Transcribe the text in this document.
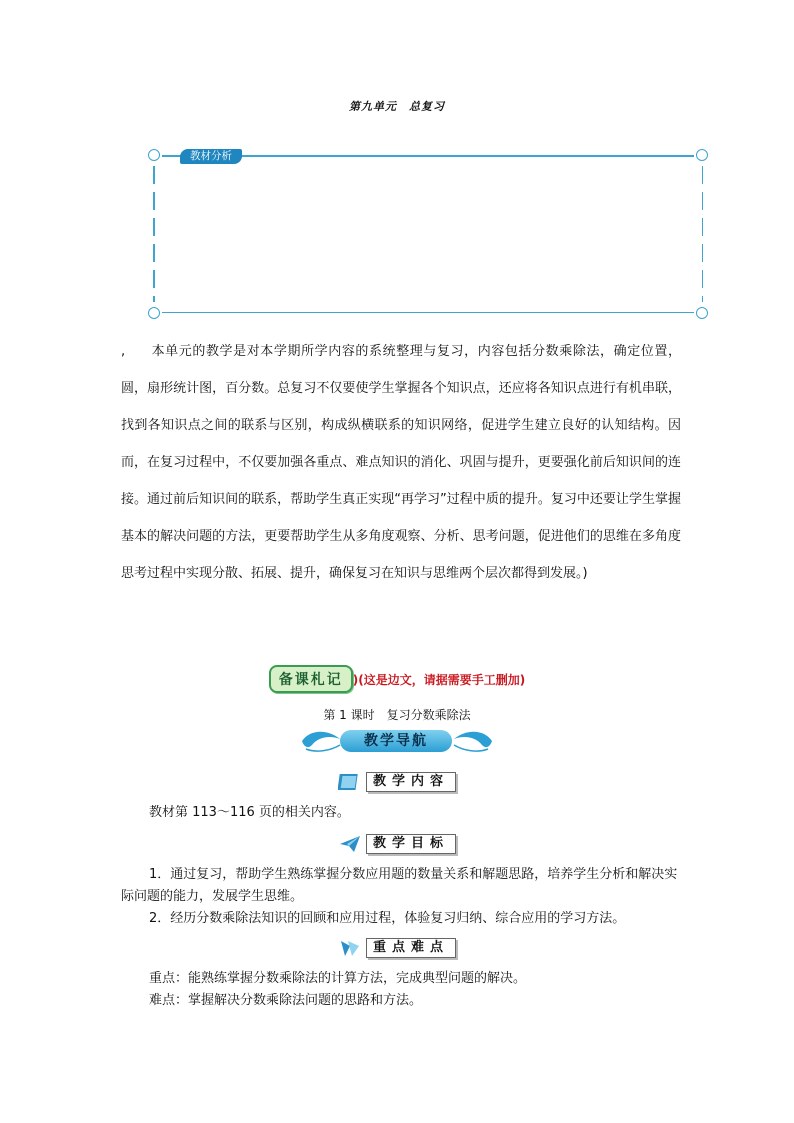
第九单元　总复习
教材分析

, 本单元的教学是对本学期所学内容的系统整理与复习，内容包括分数乘除法，确定位置，圆，扇形统计图，百分数。总复习不仅要使学生掌握各个知识点，还应将各知识点进行有机串联，找到各知识点之间的联系与区别，构成纵横联系的知识网络，促进学生建立良好的认知结构。因而，在复习过程中，不仅要加强各重点、难点知识的消化、巩固与提升，更要强化前后知识间的连接。通过前后知识间的联系，帮助学生真正实现“再学习”过程中质的提升。复习中还要让学生掌握基本的解决问题的方法，更要帮助学生从多角度观察、分析、思考问题，促进他们的思维在多角度思考过程中实现分散、拓展、提升，确保复习在知识与思维两个层次都得到发展。)

备课札记 )(这是边文，请据需要手工删加)
第 1 课时　复习分数乘除法
教学导航
教学内容

教材第 113～116 页的相关内容。

教学目标

1．通过复习，帮助学生熟练掌握分数应用题的数量关系和解题思路，培养学生分析和解决实际问题的能力，发展学生思维。

2．经历分数乘除法知识的回顾和应用过程，体验复习归纳、综合应用的学习方法。

重点难点

重点：能熟练掌握分数乘除法的计算方法，完成典型问题的解决。

难点：掌握解决分数乘除法问题的思路和方法。
